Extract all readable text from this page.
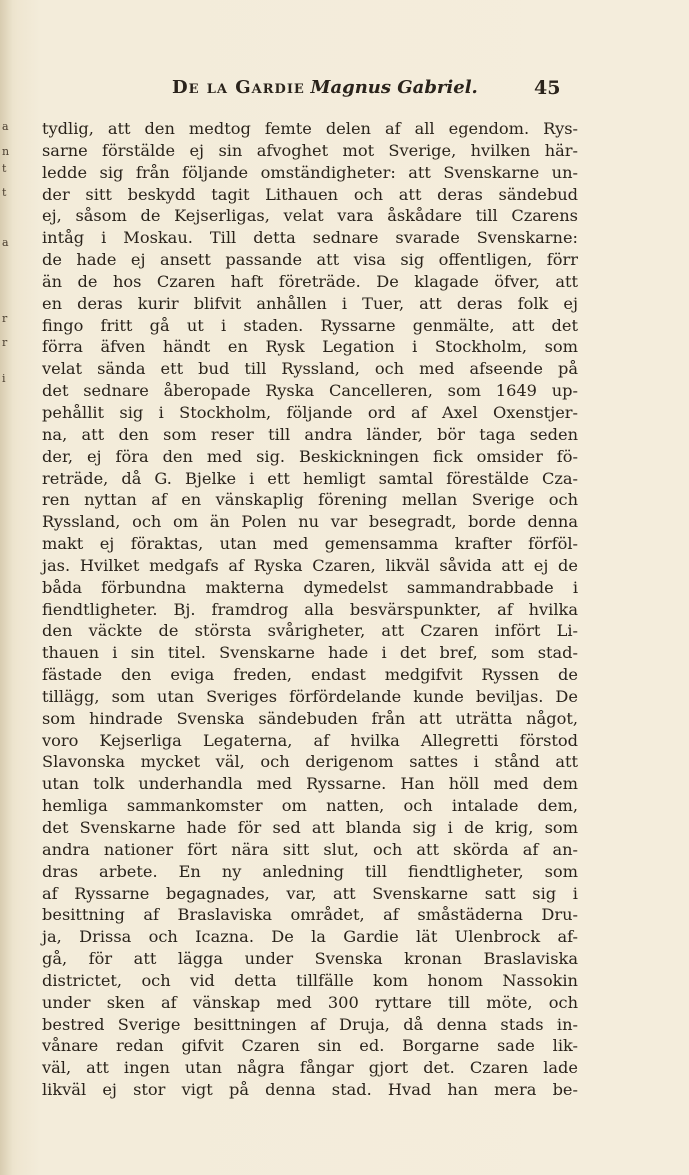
a
n
t
t
a
r
r
i
De la Gardie Magnus Gabriel.	45
tydlig, att den medtog femte delen af all egendom. Rys-
sarne förstälde ej sin afvoghet mot Sverige, hvilken här-
ledde sig från följande omständigheter: att Svenskarne un-
der sitt beskydd tagit Lithauen och att deras sändebud
ej, såsom de Kejserligas, velat vara åskådare till Czarens
intåg i Moskau. Till detta sednare svarade Svenskarne:
de hade ej ansett passande att visa sig offentligen, förr
än de hos Czaren haft företräde. De klagade öfver, att
en deras kurir blifvit anhållen i Tuer, att deras folk ej
fingo fritt gå ut i staden. Ryssarne genmälte, att det
förra äfven händt en Rysk Legation i Stockholm, som
velat sända ett bud till Ryssland, och med afseende på
det sednare åberopade Ryska Cancelleren, som 1649 up-
pehållit sig i Stockholm, följande ord af Axel Oxenstjer-
na, att den som reser till andra länder, bör taga seden
der, ej föra den med sig. Beskickningen fick omsider fö-
reträde, då G. Bjelke i ett hemligt samtal förestälde Cza-
ren nyttan af en vänskaplig förening mellan Sverige och
Ryssland, och om än Polen nu var besegradt, borde denna
makt ej föraktas, utan med gemensamma krafter förföl-
jas. Hvilket medgafs af Ryska Czaren, likväl såvida att ej de
båda förbundna makterna dymedelst sammandrabbade i
fiendtligheter. Bj. framdrog alla besvärspunkter, af hvilka
den väckte de största svårigheter, att Czaren infört Li-
thauen i sin titel. Svenskarne hade i det bref, som stad-
fästade den eviga freden, endast medgifvit Ryssen de
tillägg, som utan Sveriges förfördelande kunde beviljas. De
som hindrade Svenska sändebuden från att uträtta något,
voro Kejserliga Legaterna, af hvilka Allegretti förstod
Slavonska mycket väl, och derigenom sattes i stånd att
utan tolk underhandla med Ryssarne. Han höll med dem
hemliga sammankomster om natten, och intalade dem,
det Svenskarne hade för sed att blanda sig i de krig, som
andra nationer fört nära sitt slut, och att skörda af an-
dras arbete. En ny anledning till fiendtligheter, som
af Ryssarne begagnades, var, att Svenskarne satt sig i
besittning af Braslaviska området, af småstäderna Dru-
ja, Drissa och Icazna. De la Gardie lät Ulenbrock af-
gå, för att lägga under Svenska kronan Braslaviska
districtet, och vid detta tillfälle kom honom Nassokin
under sken af vänskap med 300 ryttare till möte, och
bestred Sverige besittningen af Druja, då denna stads in-
vånare redan gifvit Czaren sin ed. Borgarne sade lik-
väl, att ingen utan några fångar gjort det. Czaren lade
likväl ej stor vigt på denna stad. Hvad han mera be-
